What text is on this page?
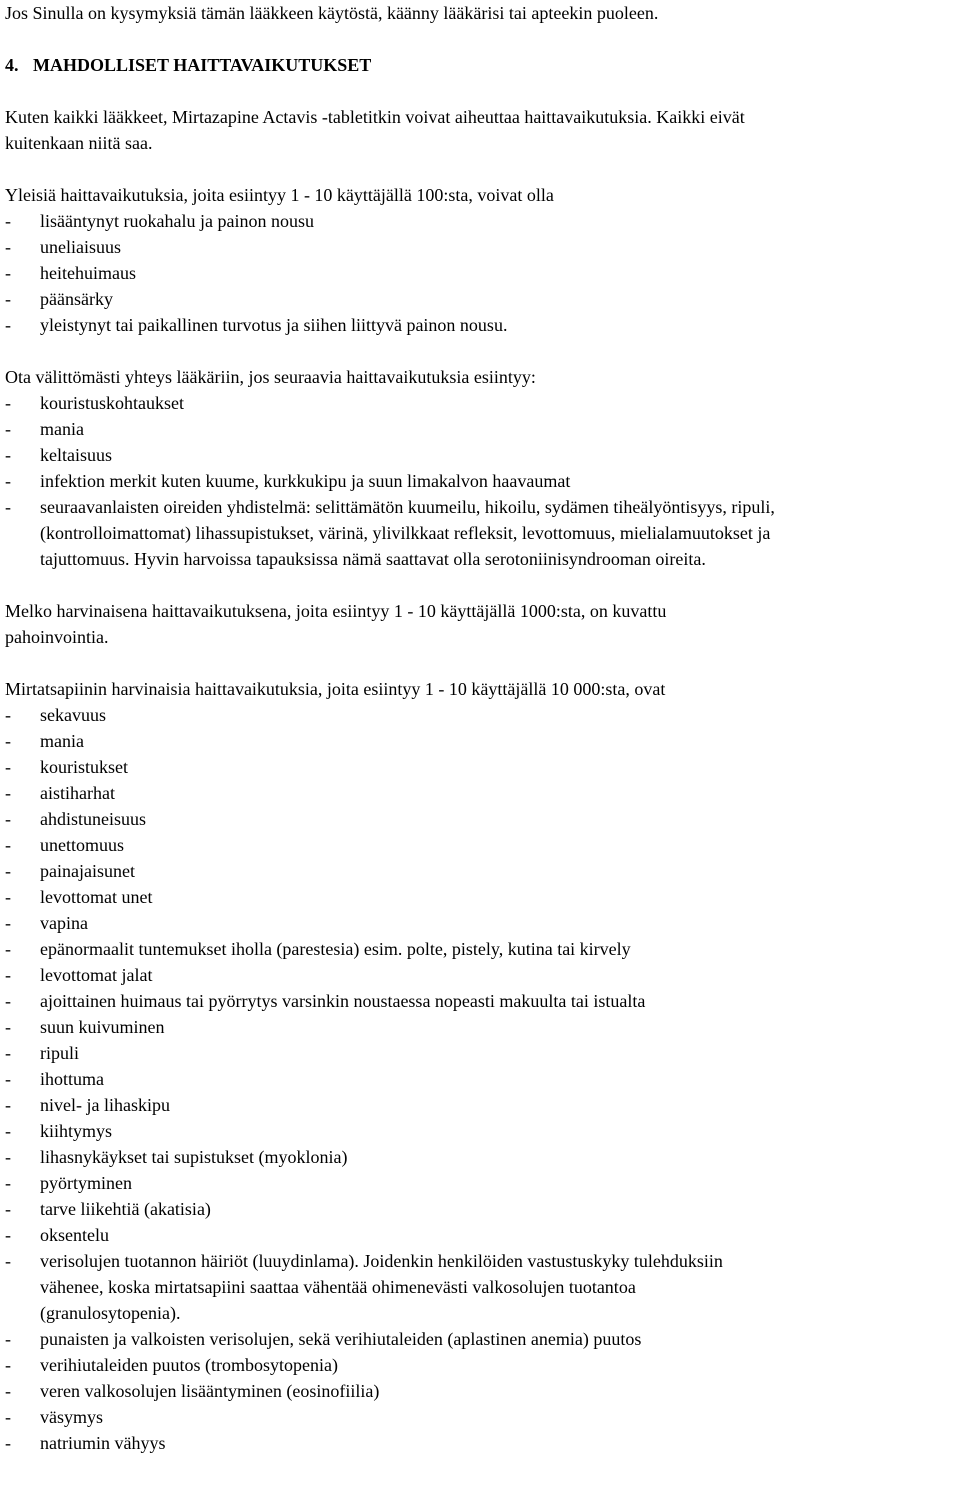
Jos Sinulla on kysymyksiä tämän lääkkeen käytöstä, käänny lääkärisi tai apteekin puoleen.
4. MAHDOLLISET HAITTAVAIKUTUKSET
Kuten kaikki lääkkeet, Mirtazapine Actavis -tabletitkin voivat aiheuttaa haittavaikutuksia. Kaikki eivät
kuitenkaan niitä saa.
Yleisiä haittavaikutuksia, joita esiintyy 1 - 10 käyttäjällä 100:sta, voivat olla
- lisääntynyt ruokahalu ja painon nousu
- uneliaisuus
- heitehuimaus
- päänsärky
- yleistynyt tai paikallinen turvotus ja siihen liittyvä painon nousu.
Ota välittömästi yhteys lääkäriin, jos seuraavia haittavaikutuksia esiintyy:
- kouristuskohtaukset
- mania
- keltaisuus
- infektion merkit kuten kuume, kurkkukipu ja suun limakalvon haavaumat
- seuraavanlaisten oireiden yhdistelmä: selittämätön kuumeilu, hikoilu, sydämen tiheälyöntisyys, ripuli,
(kontrolloimattomat) lihassupistukset, värinä, ylivilkkaat refleksit, levottomuus, mielialamuutokset ja
tajuttomuus. Hyvin harvoissa tapauksissa nämä saattavat olla serotoniinisyndrooman oireita.
Melko harvinaisena haittavaikutuksena, joita esiintyy 1 - 10 käyttäjällä 1000:sta, on kuvattu
pahoinvointia.
Mirtatsapiinin harvinaisia haittavaikutuksia, joita esiintyy 1 - 10 käyttäjällä 10 000:sta, ovat
- sekavuus
- mania
- kouristukset
- aistiharhat
- ahdistuneisuus
- unettomuus
- painajaisunet
- levottomat unet
- vapina
- epänormaalit tuntemukset iholla (parestesia) esim. polte, pistely, kutina tai kirvely
- levottomat jalat
- ajoittainen huimaus tai pyörrytys varsinkin noustaessa nopeasti makuulta tai istualta
- suun kuivuminen
- ripuli
- ihottuma
- nivel- ja lihaskipu
- kiihtymys
- lihasnykäykset tai supistukset (myoklonia)
- pyörtyminen
- tarve liikehtiä (akatisia)
- oksentelu
- verisolujen tuotannon häiriöt (luuydinlama). Joidenkin henkilöiden vastustuskyky tulehduksiin
vähenee, koska mirtatsapiini saattaa vähentää ohimenevästi valkosolujen tuotantoa
(granulosytopenia).
- punaisten ja valkoisten verisolujen, sekä verihiutaleiden (aplastinen anemia) puutos
- verihiutaleiden puutos (trombosytopenia)
- veren valkosolujen lisääntyminen (eosinofiilia)
- väsymys
- natriumin vähyys
